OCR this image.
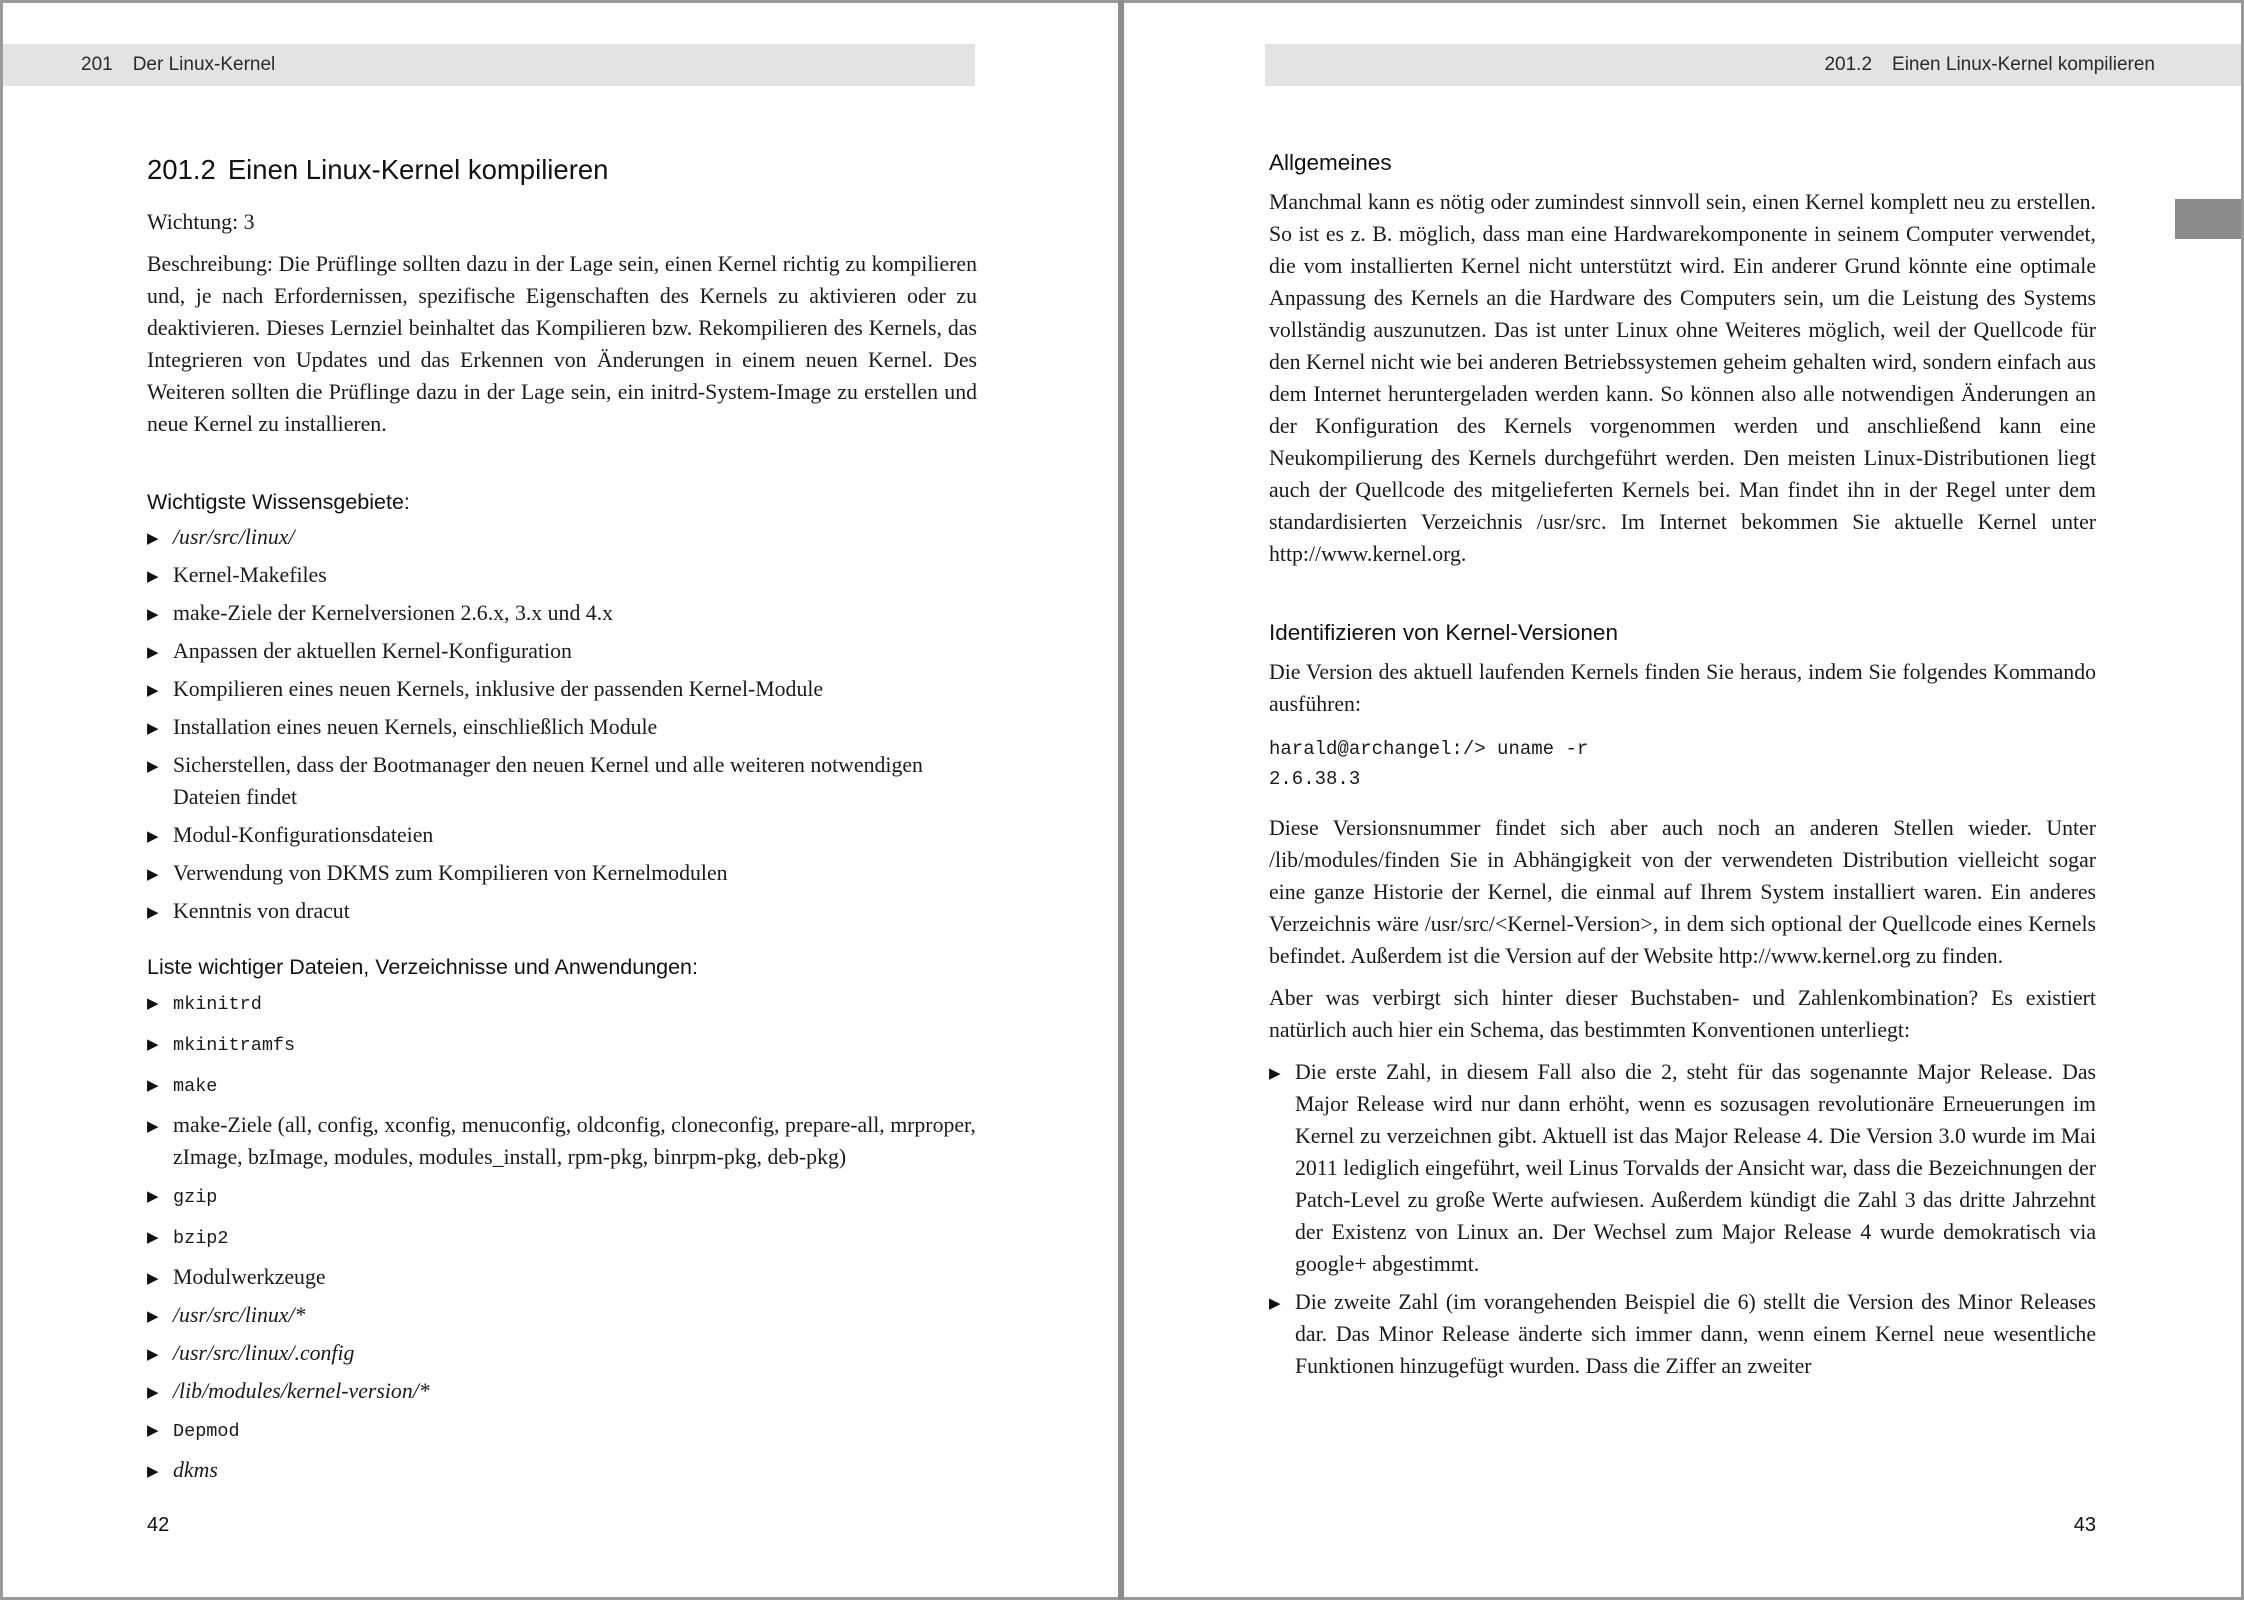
201 Der Linux-Kernel
201.2 Einen Linux-Kernel kompilieren

Wichtung: 3

Beschreibung: Die Prüflinge sollten dazu in der Lage sein, einen Kernel richtig zu kompilieren und, je nach Erfordernissen, spezifische Eigenschaften des Kernels zu aktivieren oder zu deaktivieren. Dieses Lernziel beinhaltet das Kompilieren bzw. Rekompilieren des Kernels, das Integrieren von Updates und das Erkennen von Änderungen in einem neuen Kernel. Des Weiteren sollten die Prüflinge dazu in der Lage sein, ein initrd-System-Image zu erstellen und neue Kernel zu installieren.

Wichtigste Wissensgebiete:
▶ /usr/src/linux/
▶ Kernel-Makefiles
▶ make-Ziele der Kernelversionen 2.6.x, 3.x und 4.x
▶ Anpassen der aktuellen Kernel-Konfiguration
▶ Kompilieren eines neuen Kernels, inklusive der passenden Kernel-Module
▶ Installation eines neuen Kernels, einschließlich Module
▶ Sicherstellen, dass der Bootmanager den neuen Kernel und alle weiteren notwendigen Dateien findet
▶ Modul-Konfigurationsdateien
▶ Verwendung von DKMS zum Kompilieren von Kernelmodulen
▶ Kenntnis von dracut
Liste wichtiger Dateien, Verzeichnisse und Anwendungen:
▶ mkinitrd
▶ mkinitramfs
▶ make
▶ make-Ziele (all, config, xconfig, menuconfig, oldconfig, cloneconfig, prepare-all, mrproper, zImage, bzImage, modules, modules_install, rpm-pkg, binrpm-pkg, deb-pkg)
▶ gzip
▶ bzip2
▶ Modulwerkzeuge
▶ /usr/src/linux/*
▶ /usr/src/linux/.config
▶ /lib/modules/kernel-version/*
▶ Depmod
▶ dkms
42
201.2 Einen Linux-Kernel kompilieren
Allgemeines

Manchmal kann es nötig oder zumindest sinnvoll sein, einen Kernel komplett neu zu erstellen. So ist es z. B. möglich, dass man eine Hardwarekomponente in seinem Computer verwendet, die vom installierten Kernel nicht unterstützt wird. Ein anderer Grund könnte eine optimale Anpassung des Kernels an die Hardware des Computers sein, um die Leistung des Systems vollständig auszunutzen. Das ist unter Linux ohne Weiteres möglich, weil der Quellcode für den Kernel nicht wie bei anderen Betriebssystemen geheim gehalten wird, sondern einfach aus dem Internet heruntergeladen werden kann. So können also alle notwendigen Änderungen an der Konfiguration des Kernels vorgenommen werden und anschließend kann eine Neukompilierung des Kernels durchgeführt werden. Den meisten Linux-Distributionen liegt auch der Quellcode des mitgelieferten Kernels bei. Man findet ihn in der Regel unter dem standardisierten Verzeichnis /usr/src. Im Internet bekommen Sie aktuelle Kernel unter http://www.kernel.org.

Identifizieren von Kernel-Versionen

Die Version des aktuell laufenden Kernels finden Sie heraus, indem Sie folgendes Kommando ausführen:

harald@archangel:/> uname -r
2.6.38.3

Diese Versionsnummer findet sich aber auch noch an anderen Stellen wieder. Unter /lib/modules/finden Sie in Abhängigkeit von der verwendeten Distribution vielleicht sogar eine ganze Historie der Kernel, die einmal auf Ihrem System installiert waren. Ein anderes Verzeichnis wäre /usr/src/<Kernel-Version>, in dem sich optional der Quellcode eines Kernels befindet. Außerdem ist die Version auf der Website http://www.kernel.org zu finden.

Aber was verbirgt sich hinter dieser Buchstaben- und Zahlenkombination? Es existiert natürlich auch hier ein Schema, das bestimmten Konventionen unterliegt:

▶ Die erste Zahl, in diesem Fall also die 2, steht für das sogenannte Major Release. Das Major Release wird nur dann erhöht, wenn es sozusagen revolutionäre Erneuerungen im Kernel zu verzeichnen gibt. Aktuell ist das Major Release 4. Die Version 3.0 wurde im Mai 2011 lediglich eingeführt, weil Linus Torvalds der Ansicht war, dass die Bezeichnungen der Patch-Level zu große Werte aufwiesen. Außerdem kündigt die Zahl 3 das dritte Jahrzehnt der Existenz von Linux an. Der Wechsel zum Major Release 4 wurde demokratisch via google+ abgestimmt.
▶ Die zweite Zahl (im vorangehenden Beispiel die 6) stellt die Version des Minor Releases dar. Das Minor Release änderte sich immer dann, wenn einem Kernel neue wesentliche Funktionen hinzugefügt wurden. Dass die Ziffer an zweiter
43
